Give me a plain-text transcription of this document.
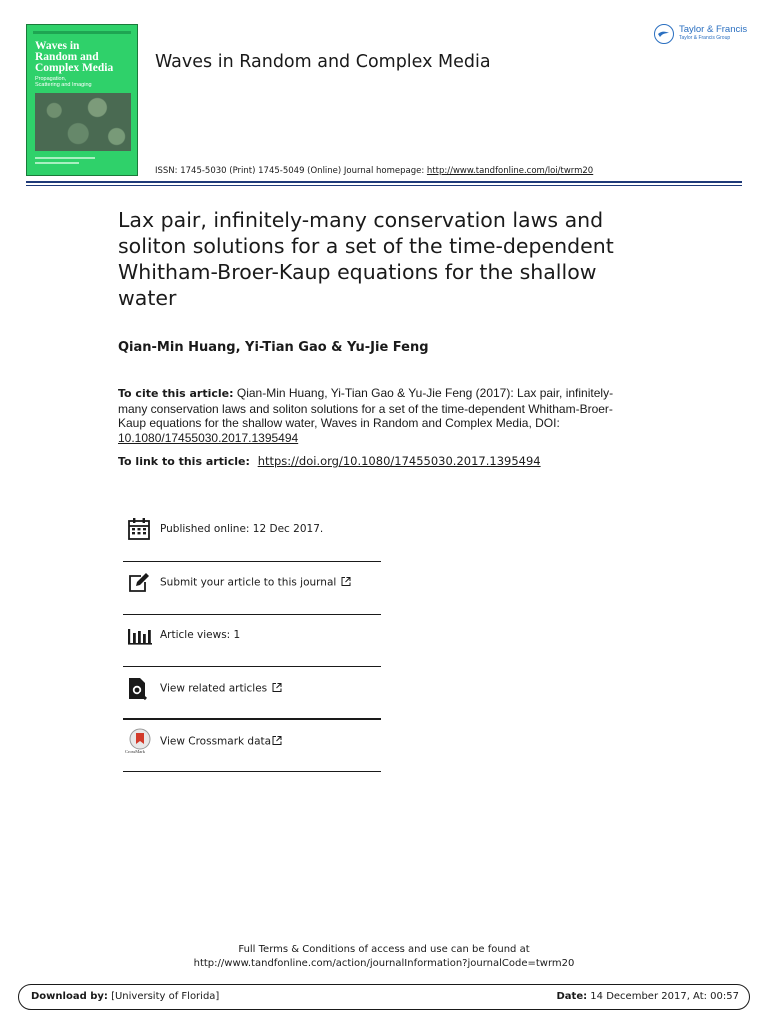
Waves in
Random and
Complex Media
Propagation,
Scattering and Imaging
Waves in Random and Complex Media
Taylor & Francis
Taylor & Francis Group
ISSN: 1745-5030 (Print) 1745-5049 (Online) Journal homepage: http://www.tandfonline.com/loi/twrm20
Lax pair, infinitely-many conservation laws and soliton solutions for a set of the time-dependent Whitham-Broer-Kaup equations for the shallow water
Qian-Min Huang, Yi-Tian Gao & Yu-Jie Feng
To cite this article: Qian-Min Huang, Yi-Tian Gao & Yu-Jie Feng (2017): Lax pair, infinitely-many conservation laws and soliton solutions for a set of the time-dependent Whitham-Broer-Kaup equations for the shallow water, Waves in Random and Complex Media, DOI: 10.1080/17455030.2017.1395494
To link to this article: https://doi.org/10.1080/17455030.2017.1395494
Published online: 12 Dec 2017.
Submit your article to this journal
Article views: 1
View related articles
CrossMark
View Crossmark data
Full Terms & Conditions of access and use can be found at
http://www.tandfonline.com/action/journalInformation?journalCode=twrm20
Download by: [University of Florida]	Date: 14 December 2017, At: 00:57
